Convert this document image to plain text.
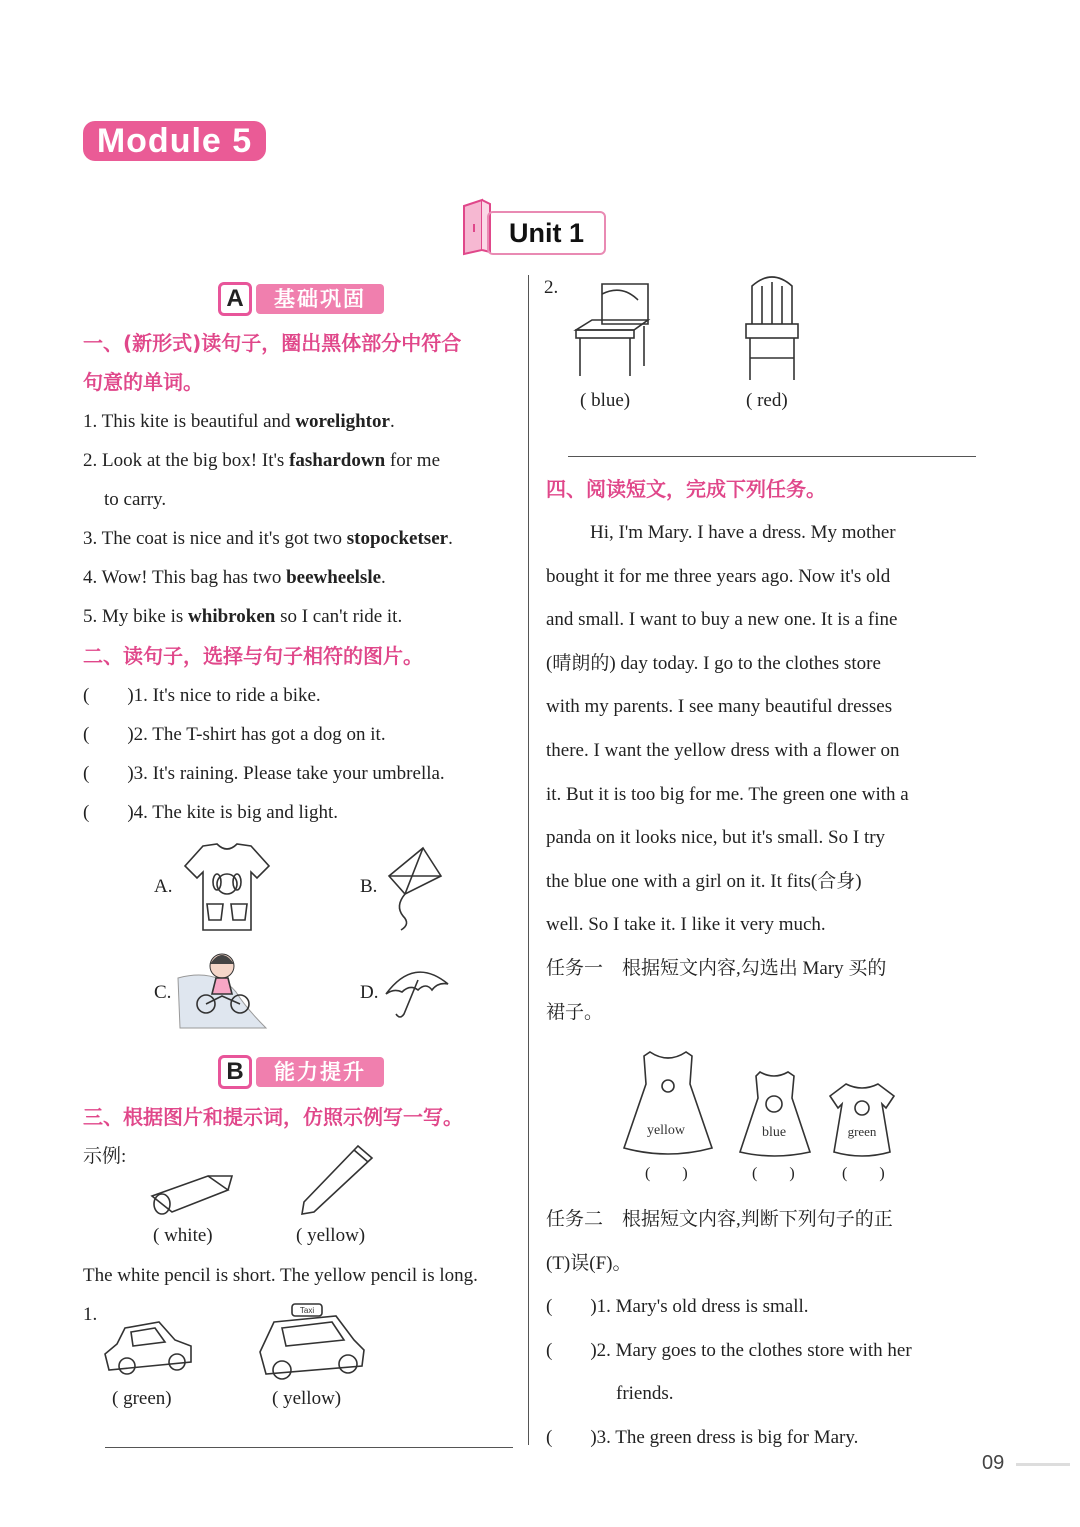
Module 5
Unit 1
A	基础巩固
一、(新形式)读句子，圈出黑体部分中符合
句意的单词。
1. This kite is beautiful and worelightor.
2. Look at the big box! It's fashardown for me
to carry.
3. The coat is nice and it's got two stopocketser.
4. Wow! This bag has two beewheelsle.
5. My bike is whibroken so I can't ride it.
二、读句子，选择与句子相符的图片。
(　　)1. It's nice to ride a bike.
(　　)2. The T-shirt has got a dog on it.
(　　)3. It's raining. Please take your umbrella.
(　　)4. The kite is big and light.
A.	B.
C.	D.
B	能力提升
三、根据图片和提示词，仿照示例写一写。
示例:
( white)	( yellow)
The white pencil is short. The yellow pencil is long.
1.	Taxi
( green)	( yellow)
2.
( blue)	( red)
四、阅读短文，完成下列任务。
Hi, I'm Mary. I have a dress. My mother
bought it for me three years ago. Now it's old
and small. I want to buy a new one. It is a fine
(晴朗的) day today. I go to the clothes store
with my parents. I see many beautiful dresses
there. I want the yellow dress with a flower on
it. But it is too big for me. The green one with a
panda on it looks nice, but it's small. So I try
the blue one with a girl on it. It fits(合身)
well. So I take it. I like it very much.
任务一　根据短文内容,勾选出 Mary 买的
裙子。
yellow	blue	green
(　　)	(　　)	(　　)
任务二　根据短文内容,判断下列句子的正
(T)误(F)。
(　　)1. Mary's old dress is small.
(　　)2. Mary goes to the clothes store with her
friends.
(　　)3. The green dress is big for Mary.
09
